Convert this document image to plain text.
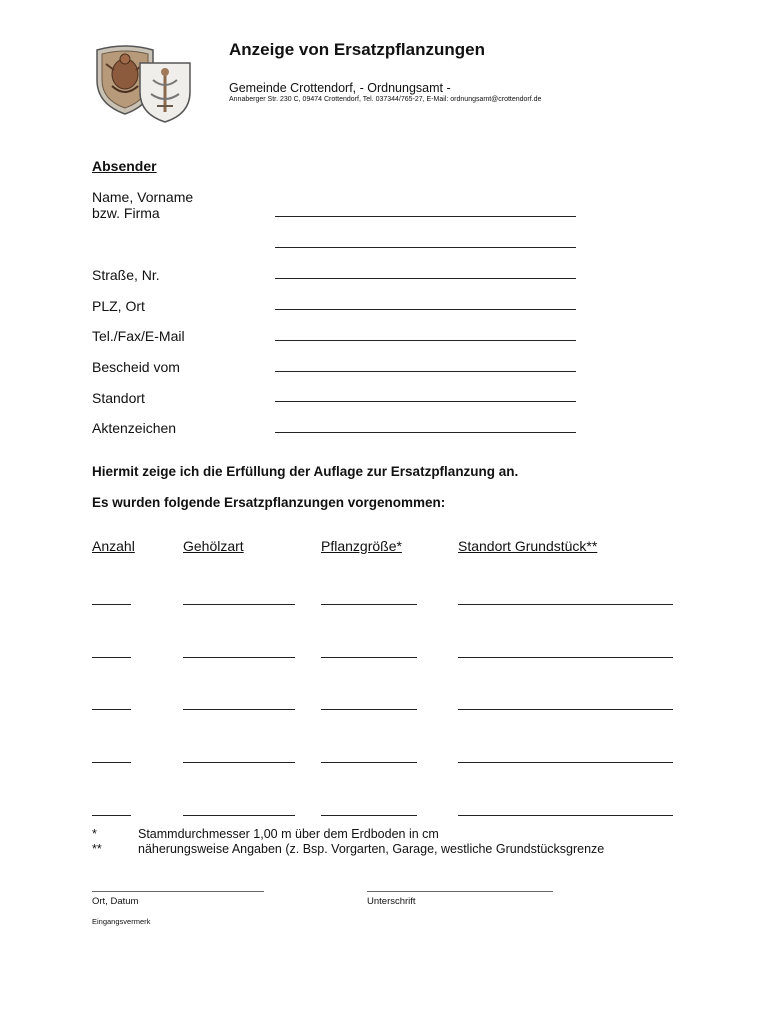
Anzeige von Ersatzpflanzungen
Gemeinde Crottendorf, - Ordnungsamt -
Annaberger Str. 230 C, 09474 Crottendorf, Tel. 037344/765-27, E-Mail: ordnungsamt@crottendorf.de
Absender
Name, Vorname
bzw. Firma
Straße, Nr.
PLZ, Ort
Tel./Fax/E-Mail
Bescheid vom
Standort
Aktenzeichen
Hiermit zeige ich die Erfüllung der Auflage zur Ersatzpflanzung an.
Es wurden folgende Ersatzpflanzungen vorgenommen:
Anzahl	Gehölzart	Pflanzgröße*	Standort Grundstück**
*	Stammdurchmesser 1,00 m über dem Erdboden in cm
**	näherungsweise Angaben (z. Bsp. Vorgarten, Garage, westliche Grundstücksgrenze
Ort, Datum	Unterschrift
Eingangsvermerk
